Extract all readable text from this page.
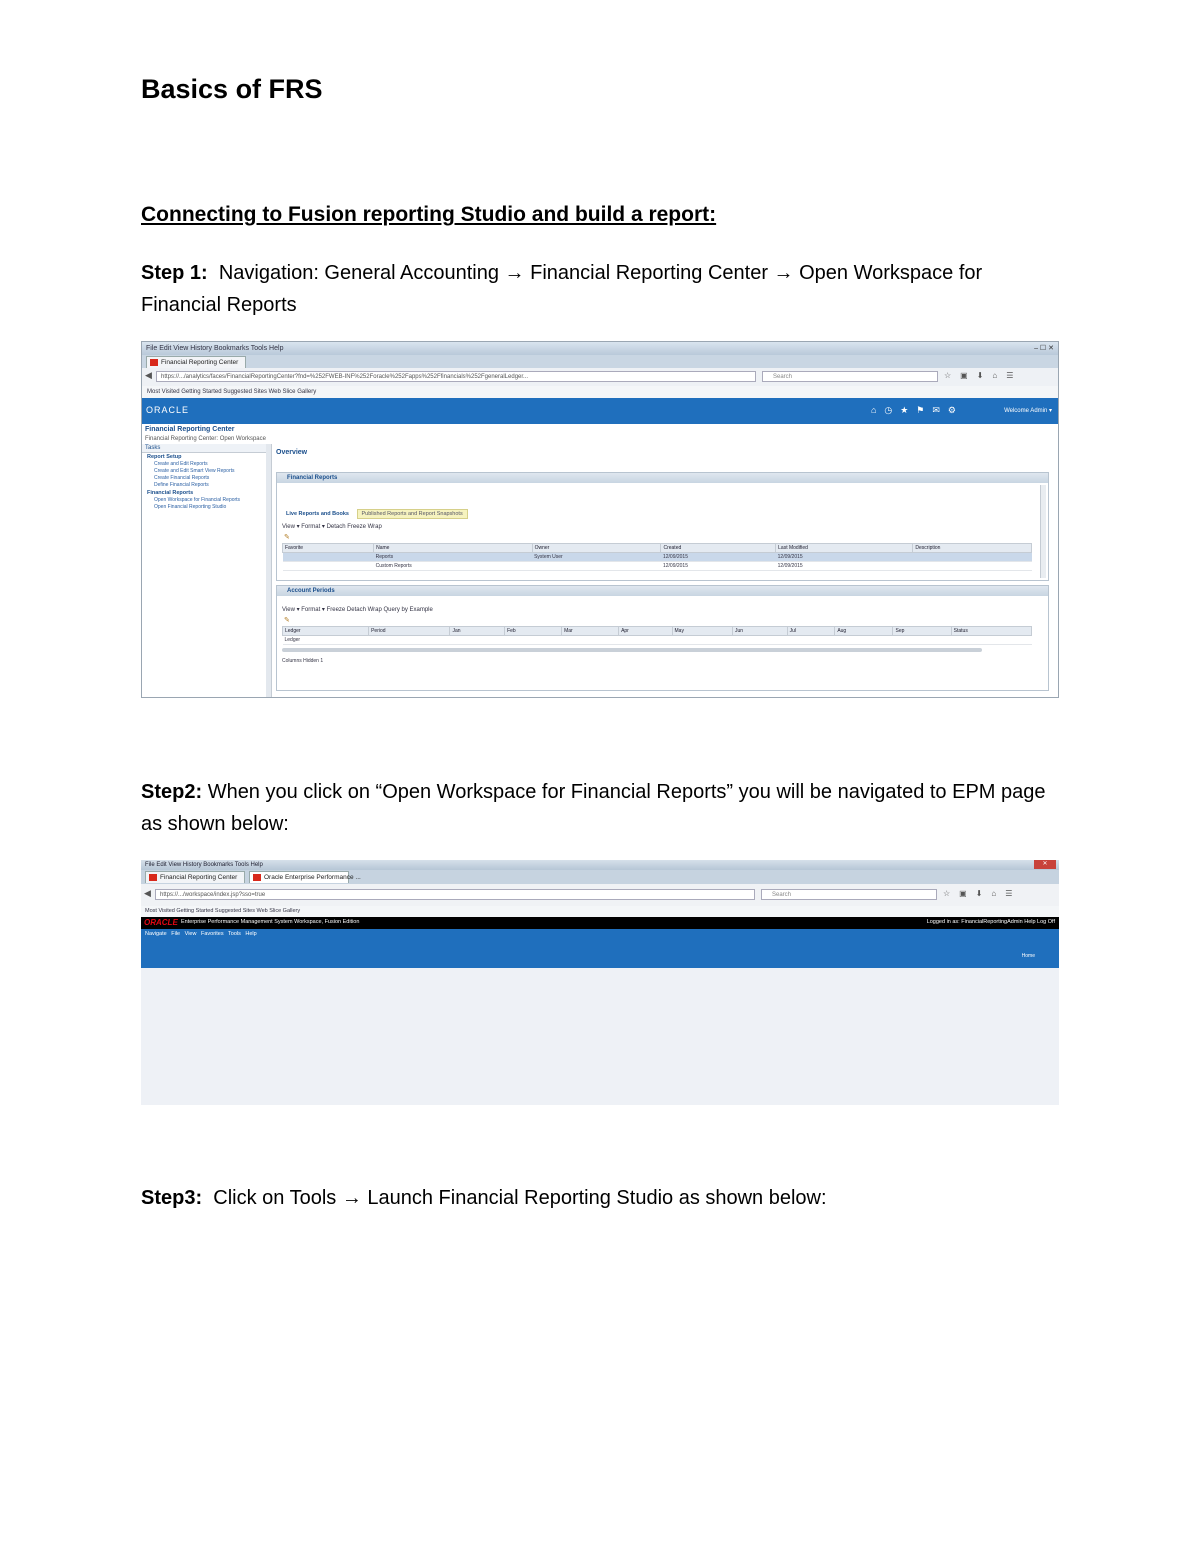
Basics of FRS
Connecting to Fusion reporting Studio and build a report:
Step 1: Navigation: General Accounting → Financial Reporting Center → Open Workspace for Financial Reports
File Edit View History Bookmarks Tools Help	– ☐ ✕
Financial Reporting Center
◀	https://.../analytics/faces/FinancialReportingCenter?fnd=%252FWEB-INF%252Foracle%252Fapps%252Ffinancials%252FgeneralLedger...	Search	☆▣⬇⌂☰
Most Visited Getting Started Suggested Sites Web Slice Gallery
ORACLE	⌂◷★⚑✉⚙	Welcome Admin ▾
Financial Reporting Center
Financial Reporting Center: Open Workspace
Tasks
Report Setup
Create and Edit Reports
Create and Edit Smart View Reports
Create Financial Reports
Define Financial Reports
Financial Reports
Open Workspace for Financial Reports
Open Financial Reporting Studio
Overview
Financial Reports
Live Reports and Books Published Reports and Report Snapshots
View ▾ Format ▾ Detach Freeze Wrap
✎
Favorite	Name	Owner	Created	Last Modified	Description
	Reports	System User	12/09/2015	12/09/2015	
	Custom Reports		12/09/2015	12/09/2015	
Account Periods
View ▾ Format ▾ Freeze Detach Wrap Query by Example
✎
Ledger	Period	Jan	Feb	Mar	Apr	May	Jun	Jul	Aug	Sep	Status
Ledger
Columns Hidden 1
Step2: When you click on “Open Workspace for Financial Reports” you will be navigated to EPM page as shown below:
File Edit View History Bookmarks Tools Help	✕
Financial Reporting Center	Oracle Enterprise Performance ...
◀	https://.../workspace/index.jsp?sso=true	Search	☆▣⬇⌂☰
Most Visited Getting Started Suggested Sites Web Slice Gallery
ORACLE Enterprise Performance Management System Workspace, Fusion Edition	Logged in as: FinancialReportingAdmin Help Log Off
Navigate File View Favorites Tools Help
Home
Step3: Click on Tools → Launch Financial Reporting Studio as shown below:
